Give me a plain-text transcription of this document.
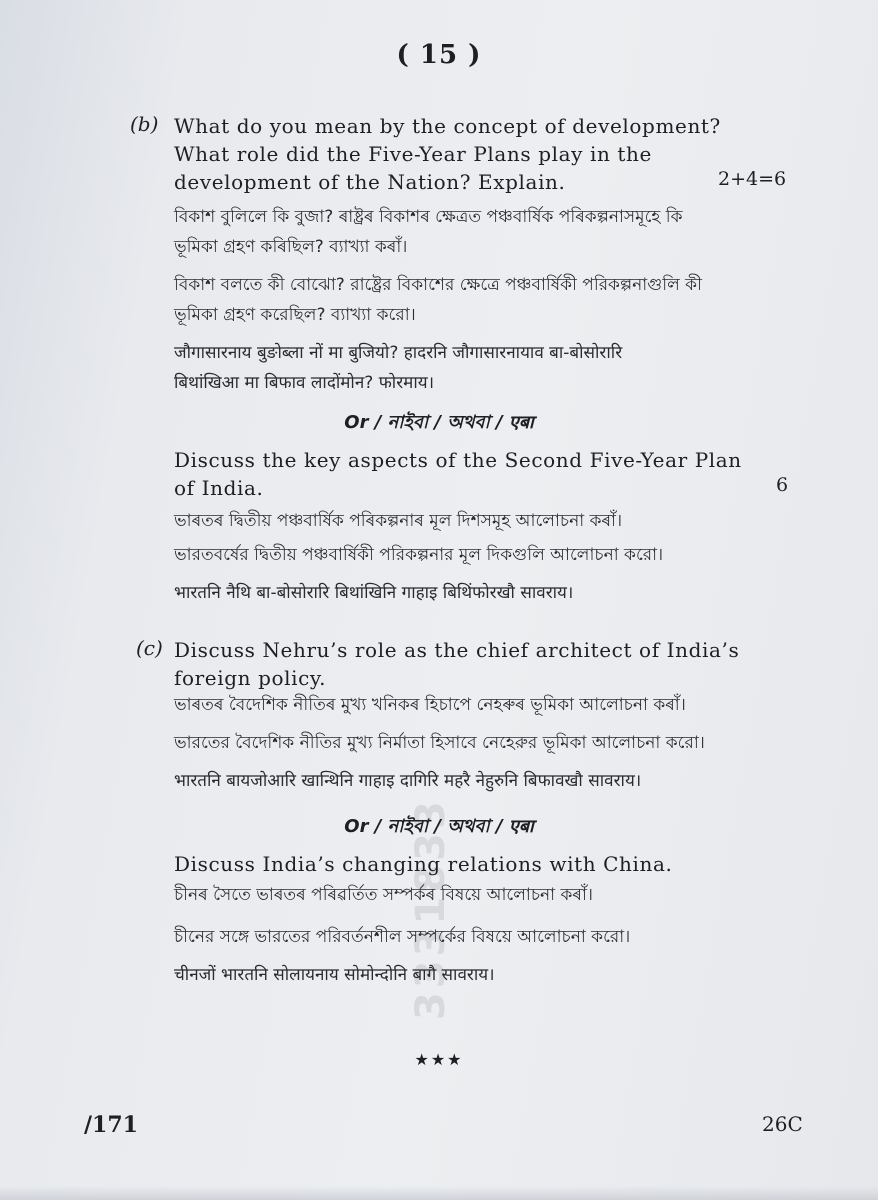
( 15 )
3331833
(b) What do you mean by the concept of development?
What role did the Five-Year Plans play in the
development of the Nation? Explain.	2+4=6
বিকাশ বুলিলে কি বুজা? ৰাষ্ট্ৰৰ বিকাশৰ ক্ষেত্ৰত পঞ্চবাৰ্ষিক পৰিকল্পনাসমূহে কি
ভূমিকা গ্ৰহণ কৰিছিল? ব্যাখ্যা কৰাঁ।
বিকাশ বলতে কী বোঝো? রাষ্ট্রের বিকাশের ক্ষেত্রে পঞ্চবার্ষিকী পরিকল্পনাগুলি কী
ভূমিকা গ্রহণ করেছিল? ব্যাখ্যা করো।
जौगासारनाय बुङोब्ला नों मा बुजियो? हादरनि जौगासारनायाव बा-बोसोरारि
बिथांखिआ मा बिफाव लादोंमोन? फोरमाय।
Or / নাইবা / অথবা / एबा
Discuss the key aspects of the Second Five-Year Plan
of India.	6
ভাৰতৰ দ্বিতীয় পঞ্চবাৰ্ষিক পৰিকল্পনাৰ মূল দিশসমূহ আলোচনা কৰাঁ।
ভারতবর্ষের দ্বিতীয় পঞ্চবার্ষিকী পরিকল্পনার মূল দিকগুলি আলোচনা করো।
भारतनि नैथि बा-बोसोरारि बिथांखिनि गाहाइ बिथिंफोरखौ सावराय।
(c) Discuss Nehru’s role as the chief architect of India’s
foreign policy.
ভাৰতৰ বৈদেশিক নীতিৰ মুখ্য খনিকৰ হিচাপে নেহৰুৰ ভূমিকা আলোচনা কৰাঁ।
ভারতের বৈদেশিক নীতির মুখ্য নির্মাতা হিসাবে নেহেরুর ভূমিকা আলোচনা করো।
भारतनि बायजोआरि खान्थिनि गाहाइ दागिरि महरै नेहुरुनि बिफावखौ सावराय।
Or / নাইবা / অথবা / एबा
Discuss India’s changing relations with China.
চীনৰ সৈতে ভাৰতৰ পৰিৱৰ্তিত সম্পৰ্কৰ বিষয়ে আলোচনা কৰাঁ।
চীনের সঙ্গে ভারতের পরিবর্তনশীল সম্পর্কের বিষয়ে আলোচনা করো।
चीनजों भारतनि सोलायनाय सोमोन्दोनि बागै सावराय।
★★★
/171	26C
